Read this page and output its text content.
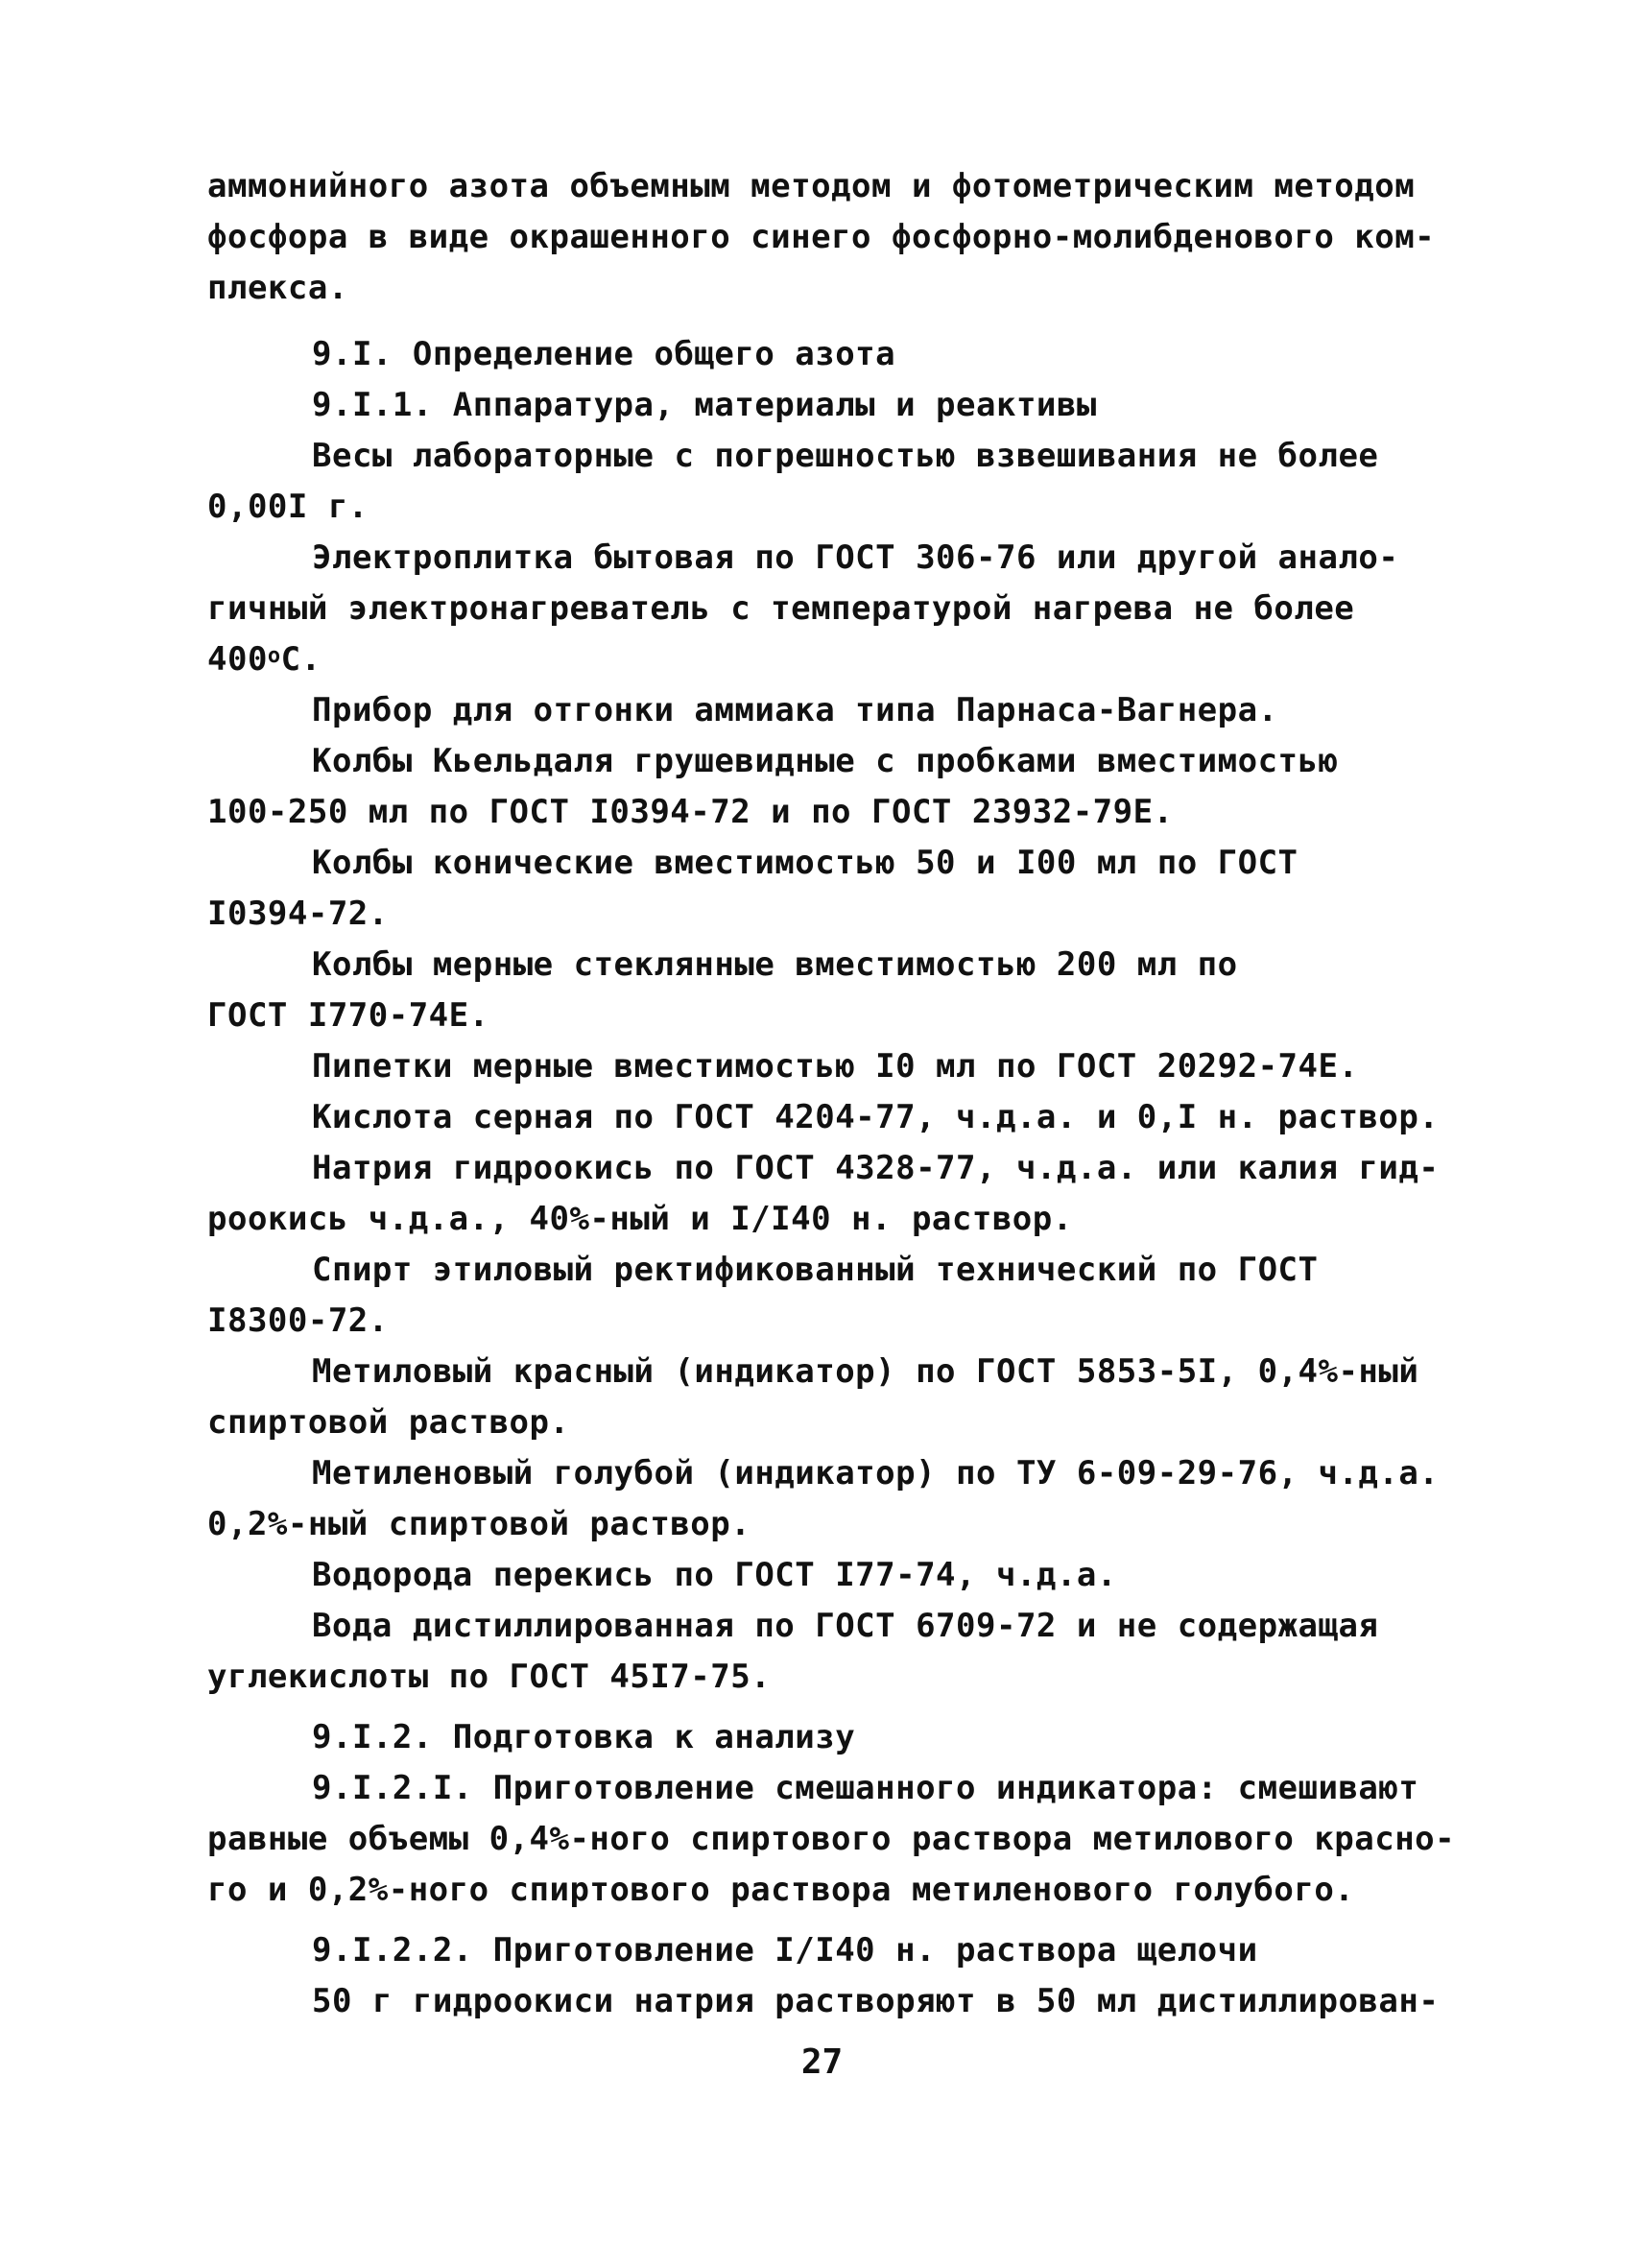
аммонийного азота объемным методом и фотометрическим методом
фосфора в виде окрашенного синего фосфорно-молибденового ком-
плекса.
9.I. Определение общего азота
9.I.1. Аппаратура, материалы и реактивы
Весы лабораторные с погрешностью взвешивания не более
0,00I г.
Электроплитка бытовая по ГОСТ 306-76 или другой анало-
гичный электронагреватель с температурой нагрева не более
$400^оС$.
Прибор для отгонки аммиака типа Парнаса-Вагнера.
Колбы Кьельдаля грушевидные с пробками вместимостью
100-250 мл по ГОСТ I0394-72 и по ГОСТ 23932-79Е.
Колбы конические вместимостью 50 и I00 мл по ГОСТ
I0394-72.
Колбы мерные стеклянные вместимостью 200 мл по
ГОСТ I770-74Е.
Пипетки мерные вместимостью I0 мл по ГОСТ 20292-74Е.
Кислота серная по ГОСТ 4204-77, ч.д.а. и 0,I н. раствор.
Натрия гидроокись по ГОСТ 4328-77, ч.д.а. или калия гид-
роокись ч.д.а., 40%-ный и I/I40 н. раствор.
Спирт этиловый ректификованный технический по ГОСТ
I8300-72.
Метиловый красный (индикатор) по ГОСТ 5853-5I, 0,4%-ный
спиртовой раствор.
Метиленовый голубой (индикатор) по ТУ 6-09-29-76, ч.д.а.
0,2%-ный спиртовой раствор.
Водорода перекись по ГОСТ I77-74, ч.д.а.
Вода дистиллированная по ГОСТ 6709-72 и не содержащая
углекислоты по ГОСТ 45I7-75.
9.I.2. Подготовка к анализу
9.I.2.I. Приготовление смешанного индикатора: смешивают
равные объемы 0,4%-ного спиртового раствора метилового красно-
го и 0,2%-ного спиртового раствора метиленового голубого.
9.I.2.2. Приготовление I/I40 н. раствора щелочи
50 г гидроокиси натрия растворяют в 50 мл дистиллирован-
27
